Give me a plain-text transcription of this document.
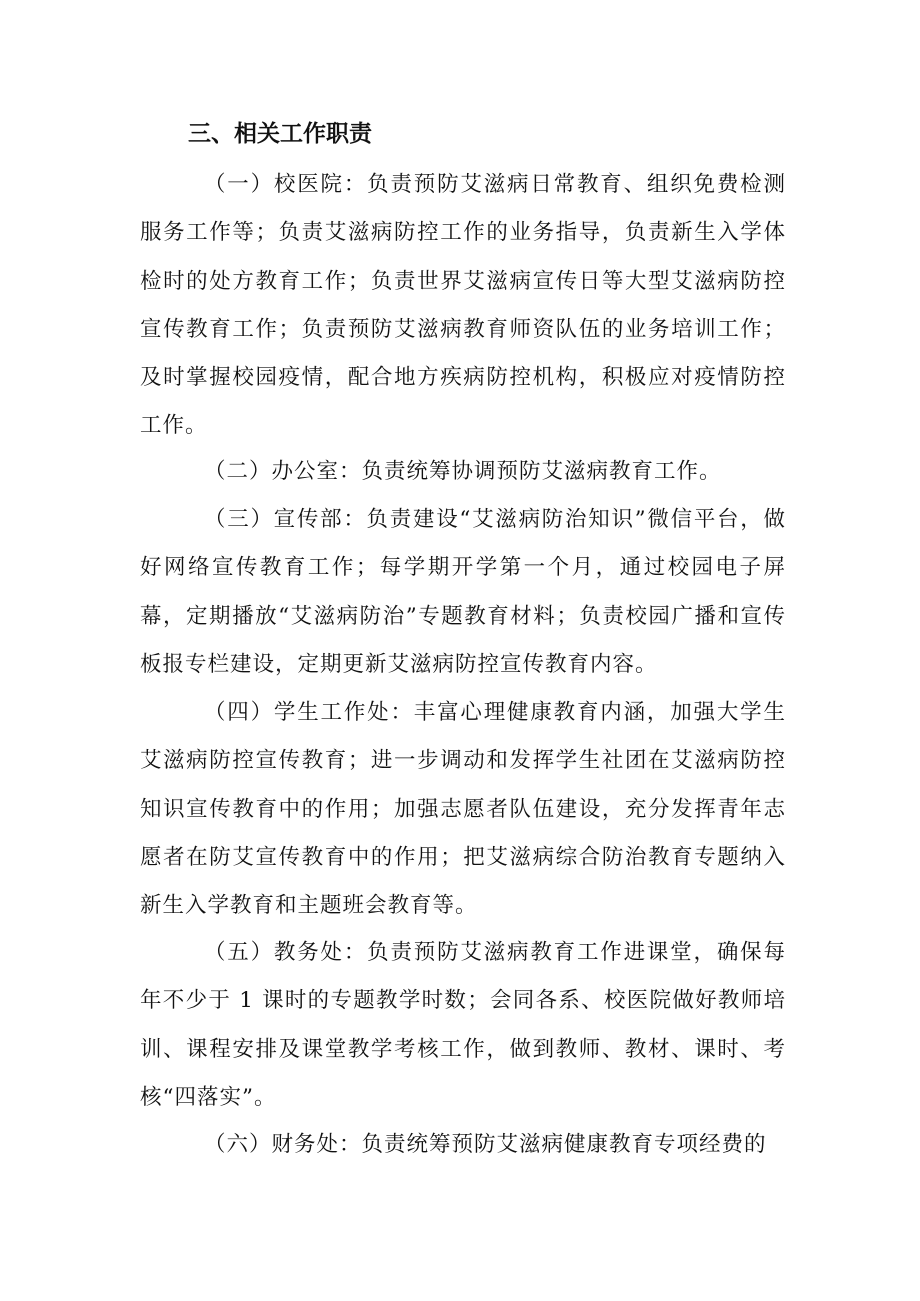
三、相关工作职责

（一）校医院：负责预防艾滋病日常教育、组织免费检测服务工作等；负责艾滋病防控工作的业务指导，负责新生入学体检时的处方教育工作；负责世界艾滋病宣传日等大型艾滋病防控宣传教育工作；负责预防艾滋病教育师资队伍的业务培训工作；及时掌握校园疫情，配合地方疾病防控机构，积极应对疫情防控工作。

（二）办公室：负责统筹协调预防艾滋病教育工作。

（三）宣传部：负责建设“艾滋病防治知识”微信平台，做好网络宣传教育工作；每学期开学第一个月，通过校园电子屏幕，定期播放“艾滋病防治”专题教育材料；负责校园广播和宣传板报专栏建设，定期更新艾滋病防控宣传教育内容。

（四）学生工作处：丰富心理健康教育内涵，加强大学生艾滋病防控宣传教育；进一步调动和发挥学生社团在艾滋病防控知识宣传教育中的作用；加强志愿者队伍建设，充分发挥青年志愿者在防艾宣传教育中的作用；把艾滋病综合防治教育专题纳入新生入学教育和主题班会教育等。

（五）教务处：负责预防艾滋病教育工作进课堂，确保每年不少于 1 课时的专题教学时数；会同各系、校医院做好教师培训、课程安排及课堂教学考核工作，做到教师、教材、课时、考核“四落实”。

（六）财务处：负责统筹预防艾滋病健康教育专项经费的
